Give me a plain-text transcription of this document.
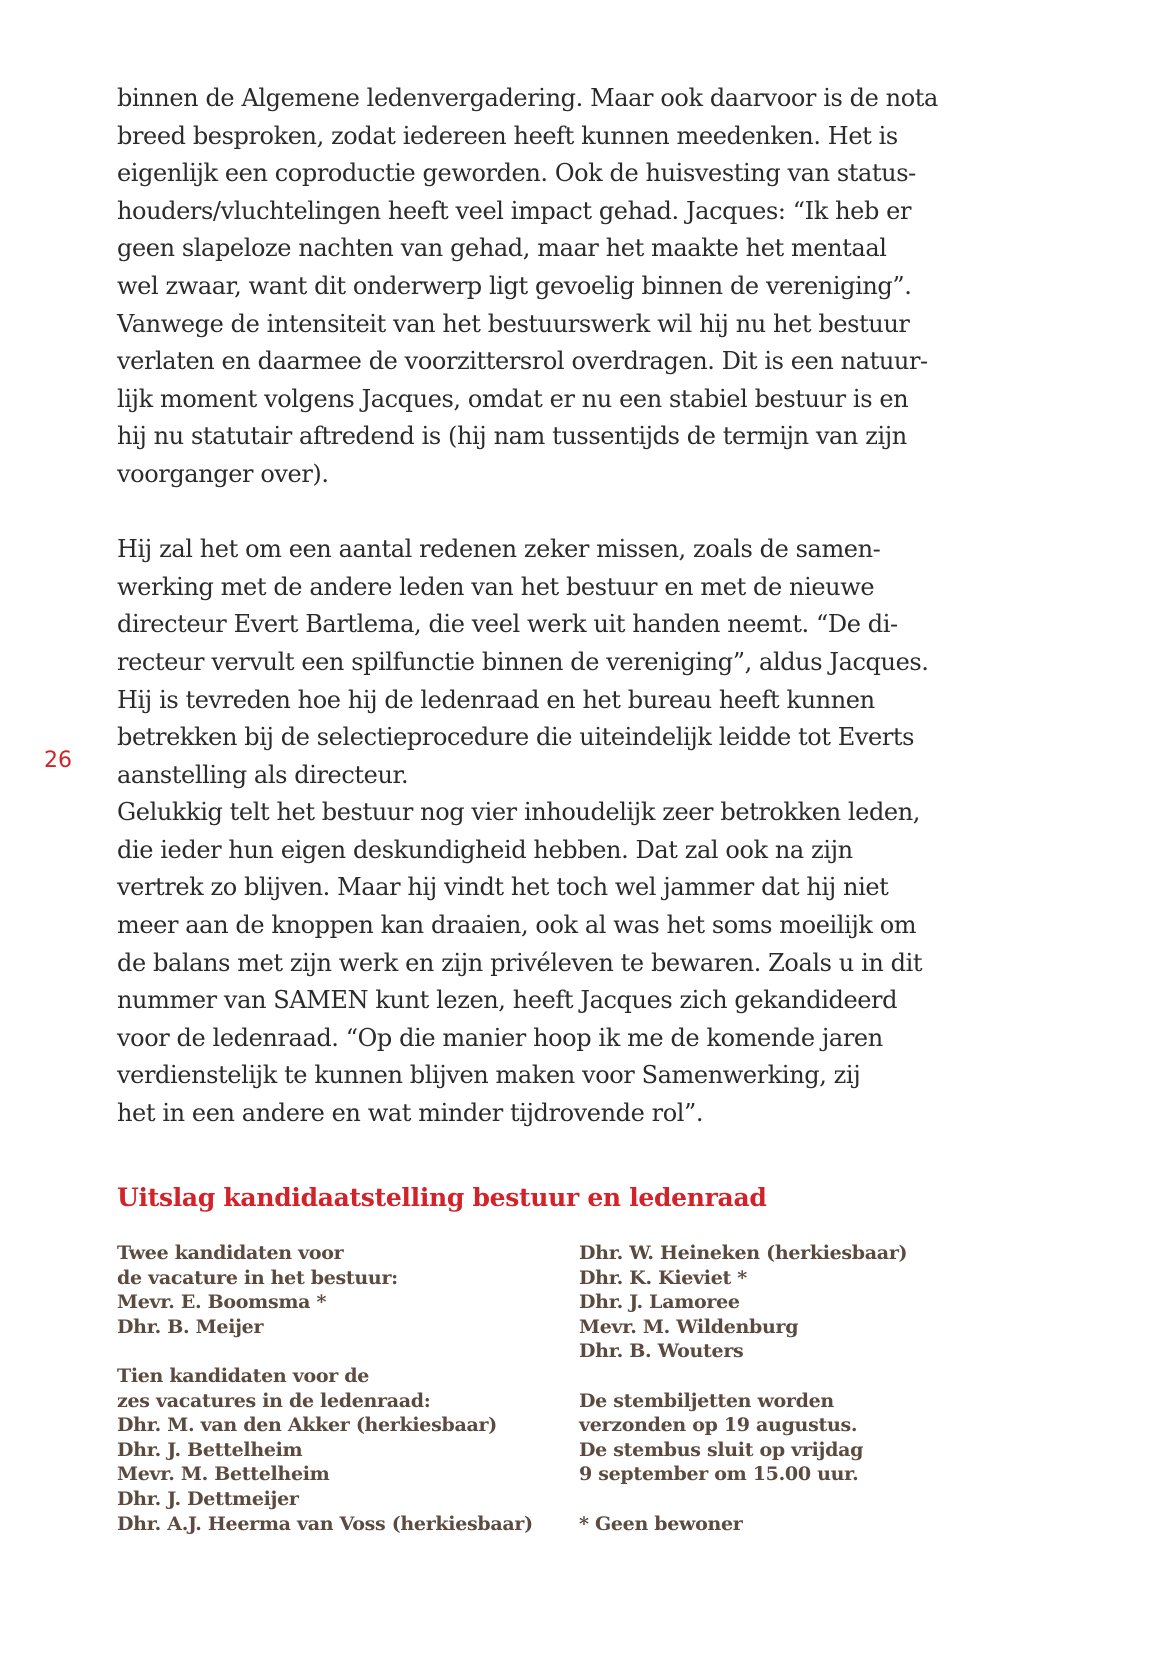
binnen de Algemene ledenvergadering. Maar ook daarvoor is de nota
breed besproken, zodat iedereen heeft kunnen meedenken. Het is
eigenlijk een coproductie geworden. Ook de huisvesting van status-
houders/vluchtelingen heeft veel impact gehad. Jacques: “Ik heb er
geen slapeloze nachten van gehad, maar het maakte het mentaal
wel zwaar, want dit onderwerp ligt gevoelig binnen de vereniging”.
Vanwege de intensiteit van het bestuurswerk wil hij nu het bestuur
verlaten en daarmee de voorzittersrol overdragen. Dit is een natuur-
lijk moment volgens Jacques, omdat er nu een stabiel bestuur is en
hij nu statutair aftredend is (hij nam tussentijds de termijn van zijn
voorganger over).
Hij zal het om een aantal redenen zeker missen, zoals de samen-
werking met de andere leden van het bestuur en met de nieuwe
directeur Evert Bartlema, die veel werk uit handen neemt. “De di-
recteur vervult een spilfunctie binnen de vereniging”, aldus Jacques.
Hij is tevreden hoe hij de ledenraad en het bureau heeft kunnen
betrekken bij de selectieprocedure die uiteindelijk leidde tot Everts
aanstelling als directeur.
Gelukkig telt het bestuur nog vier inhoudelijk zeer betrokken leden,
die ieder hun eigen deskundigheid hebben. Dat zal ook na zijn
vertrek zo blijven. Maar hij vindt het toch wel jammer dat hij niet
meer aan de knoppen kan draaien, ook al was het soms moeilijk om
de balans met zijn werk en zijn privéleven te bewaren. Zoals u in dit
nummer van SAMEN kunt lezen, heeft Jacques zich gekandideerd
voor de ledenraad. “Op die manier hoop ik me de komende jaren
verdienstelijk te kunnen blijven maken voor Samenwerking, zij
het in een andere en wat minder tijdrovende rol”.
26
Uitslag kandidaatstelling bestuur en ledenraad
Twee kandidaten voor
de vacature in het bestuur:
Mevr. E. Boomsma *
Dhr. B. Meijer
Tien kandidaten voor de
zes vacatures in de ledenraad:
Dhr. M. van den Akker (herkiesbaar)
Dhr. J. Bettelheim
Mevr. M. Bettelheim
Dhr. J. Dettmeijer
Dhr. A.J. Heerma van Voss (herkiesbaar)
Dhr. W. Heineken (herkiesbaar)
Dhr. K. Kieviet *
Dhr. J. Lamoree
Mevr. M. Wildenburg
Dhr. B. Wouters
De stembiljetten worden
verzonden op 19 augustus.
De stembus sluit op vrijdag
9 september om 15.00 uur.
* Geen bewoner
